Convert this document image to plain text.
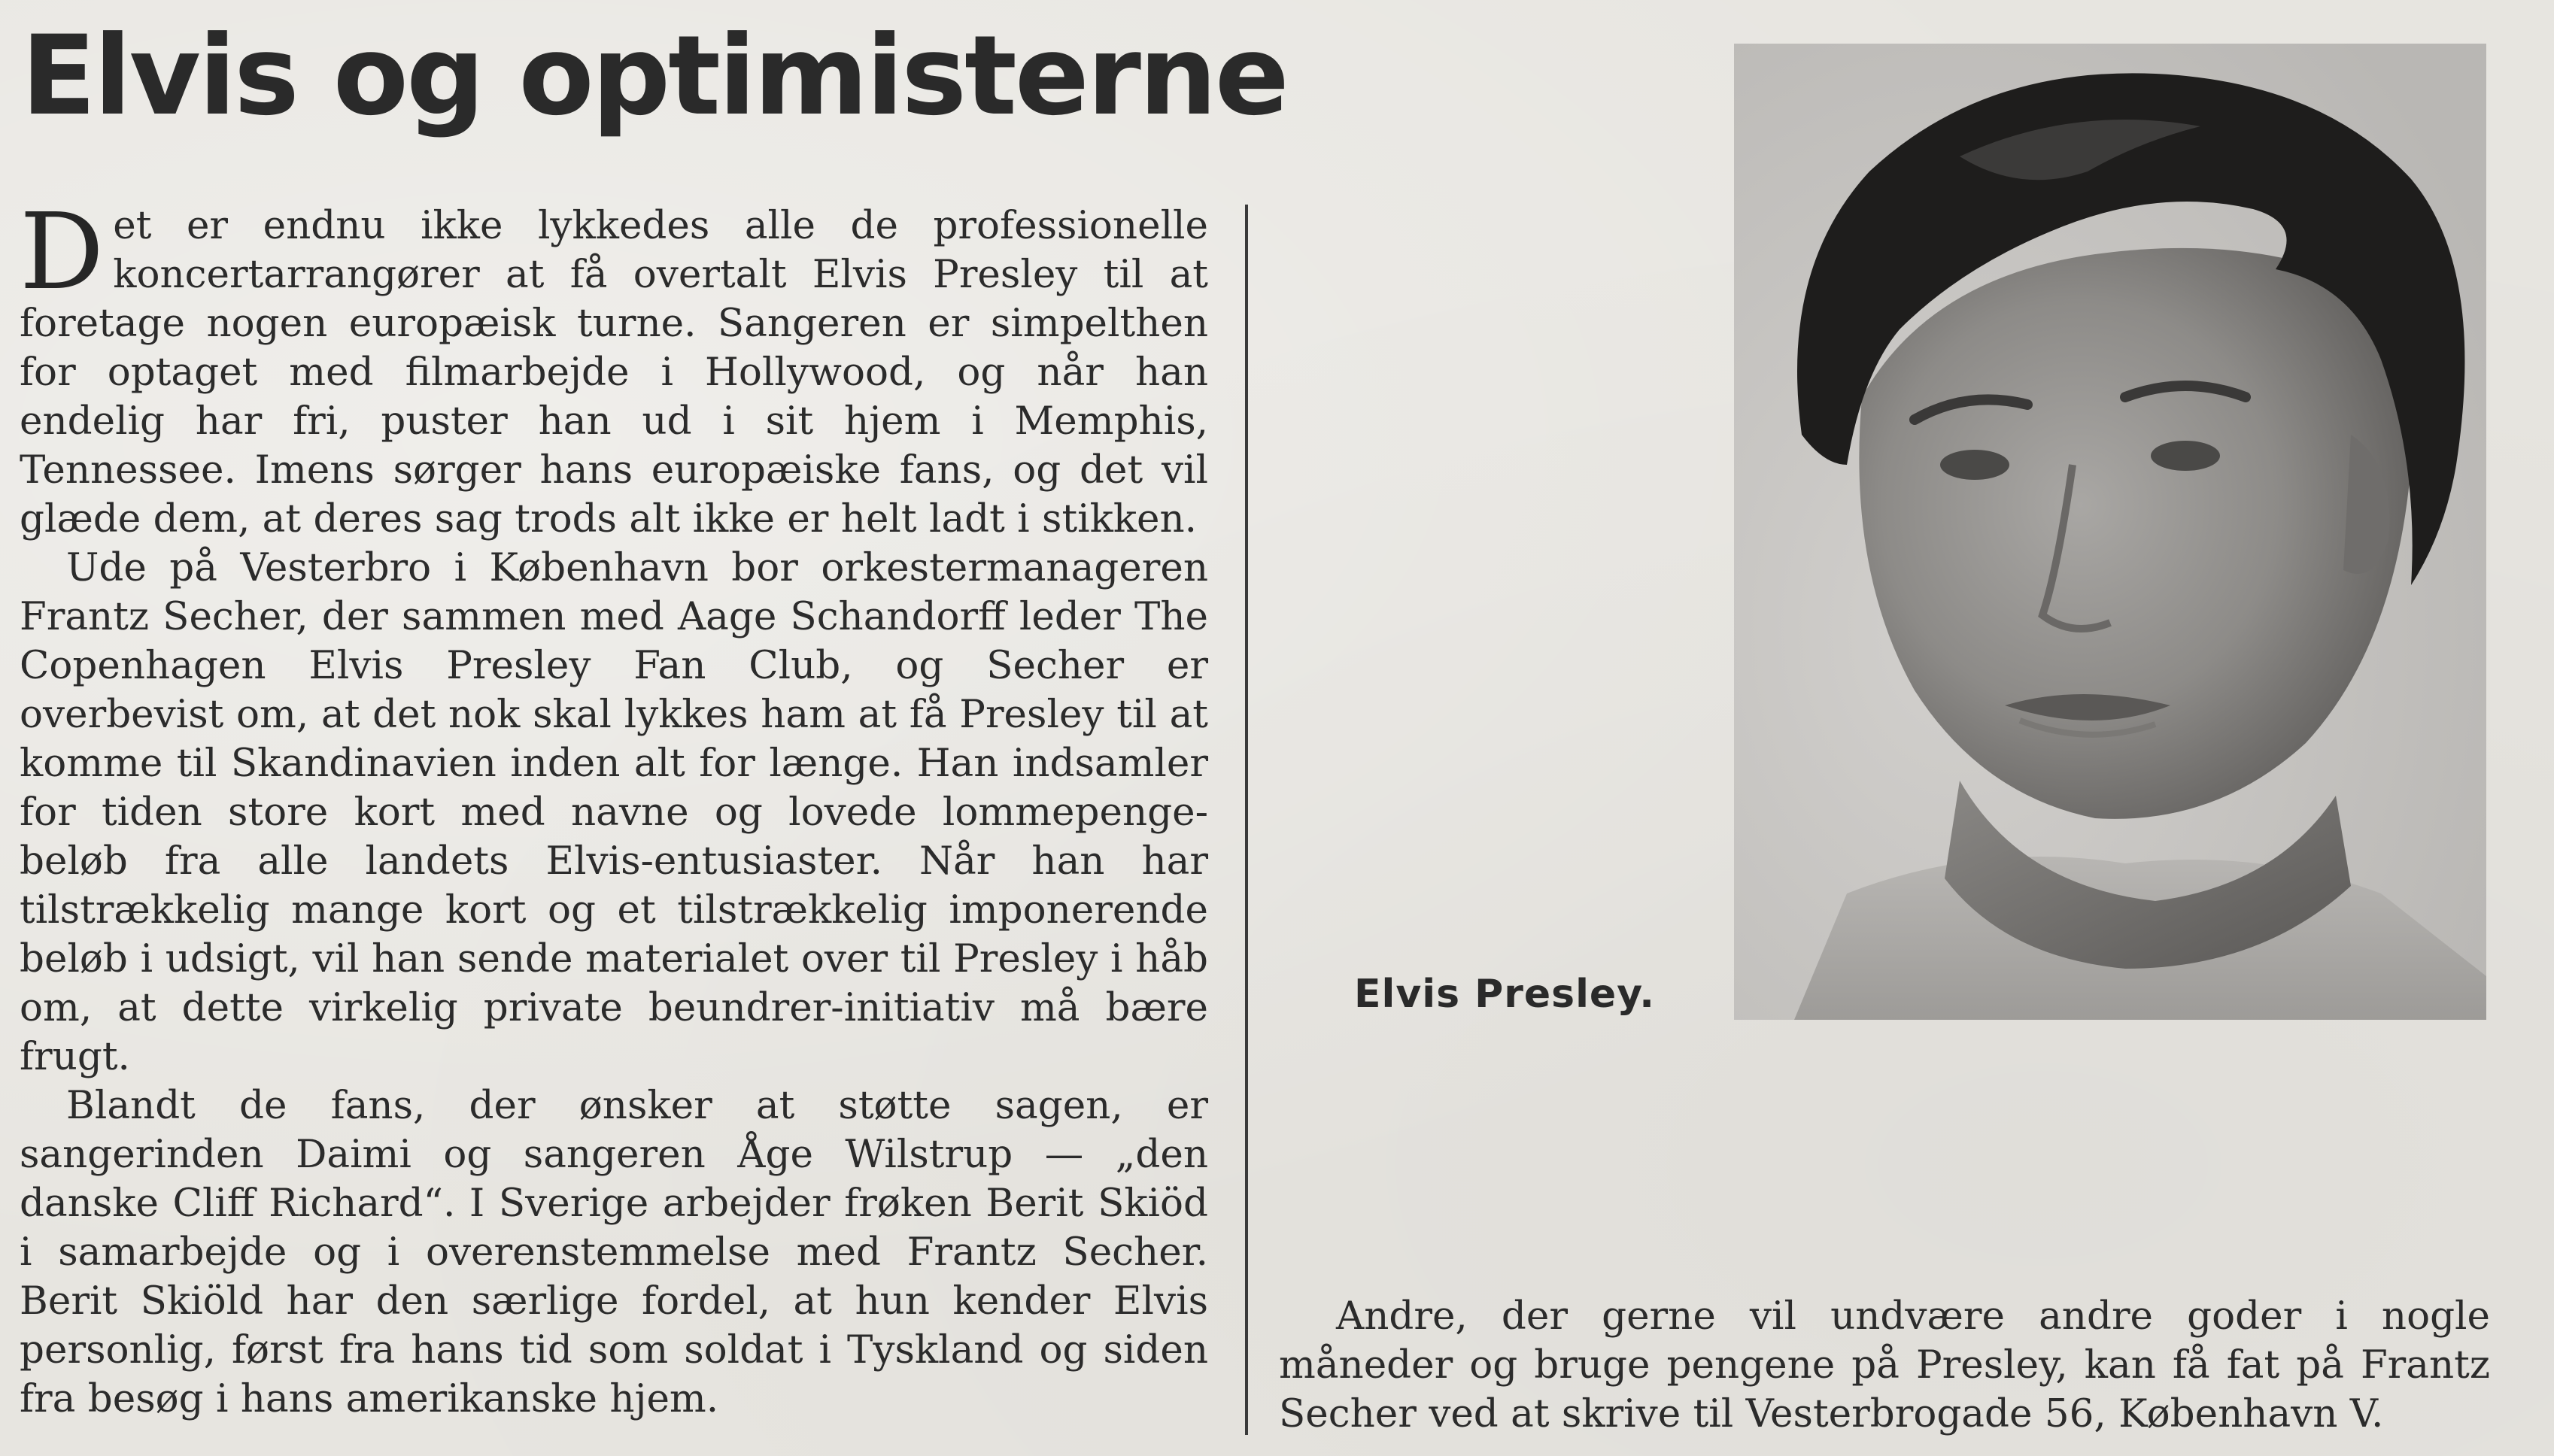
Elvis og optimisterne

Det er endnu ikke lykkedes alle de professionelle koncertarrangører at få overtalt Elvis Presley til at foretage nogen europæisk turne. Sangeren er simpelthen for optaget med filmarbejde i Hollywood, og når han endelig har fri, puster han ud i sit hjem i Memphis, Tennessee. Imens sørger hans europæiske fans, og det vil glæde dem, at deres sag trods alt ikke er helt ladt i stikken.

Ude på Vesterbro i København bor orkestermanageren Frantz Secher, der sammen med Aage Schandorff leder The Copenhagen Elvis Presley Fan Club, og Secher er overbevist om, at det nok skal lykkes ham at få Presley til at komme til Skandinavien inden alt for længe. Han indsamler for tiden store kort med navne og lovede lommepenge-beløb fra alle landets Elvis-entusiaster. Når han har tilstrækkelig mange kort og et tilstrækkelig imponerende beløb i udsigt, vil han sende materialet over til Presley i håb om, at dette virkelig private beundrer-initiativ må bære frugt.

Blandt de fans, der ønsker at støtte sagen, er sangerinden Daimi og sangeren Åge Wilstrup — „den danske Cliff Richard“. I Sverige arbejder frøken Berit Skiöd i samarbejde og i overenstemmelse med Frantz Secher. Berit Skiöld har den særlige fordel, at hun kender Elvis personlig, først fra hans tid som soldat i Tyskland og siden fra besøg i hans amerikanske hjem.

Elvis Presley.

Andre, der gerne vil undvære andre goder i nogle måneder og bruge pengene på Presley, kan få fat på Frantz Secher ved at skrive til Vesterbrogade 56, København V.
